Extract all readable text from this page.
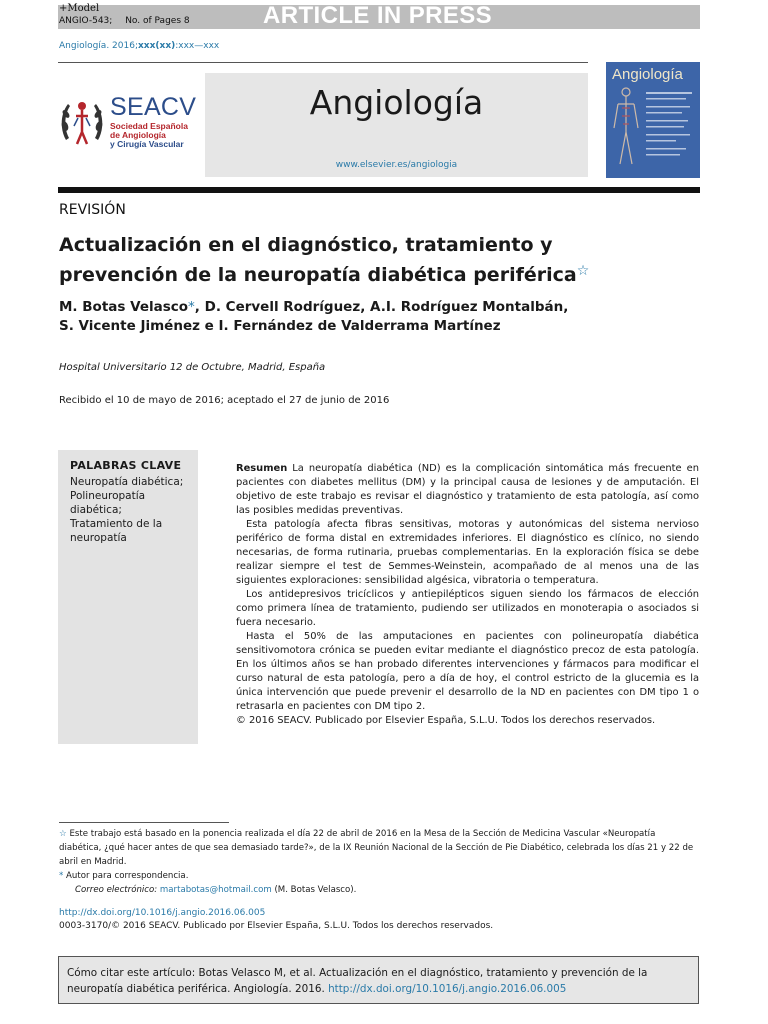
+Model
ANGIO-543; No. of Pages 8	ARTICLE IN PRESS
Angiología. 2016;xxx(xx):xxx—xxx
SEACV
Sociedad Española
de Angiología
y Cirugía Vascular
Angiología
www.elsevier.es/angiologia
Angiología
REVISIÓN
Actualización en el diagnóstico, tratamiento y
prevención de la neuropatía diabética periférica☆
M. Botas Velasco*, D. Cervell Rodríguez, A.I. Rodríguez Montalbán,
S. Vicente Jiménez e I. Fernández de Valderrama Martínez
Hospital Universitario 12 de Octubre, Madrid, España
Recibido el 10 de mayo de 2016; aceptado el 27 de junio de 2016
PALABRAS CLAVE
Neuropatía diabética;
Polineuropatía
diabética;
Tratamiento de la
neuropatía

Resumen La neuropatía diabética (ND) es la complicación sintomática más frecuente en pacientes con diabetes mellitus (DM) y la principal causa de lesiones y de amputación. El objetivo de este trabajo es revisar el diagnóstico y tratamiento de esta patología, así como las posibles medidas preventivas.

Esta patología afecta fibras sensitivas, motoras y autonómicas del sistema nervioso periférico de forma distal en extremidades inferiores. El diagnóstico es clínico, no siendo necesarias, de forma rutinaria, pruebas complementarias. En la exploración física se debe realizar siempre el test de Semmes-Weinstein, acompañado de al menos una de las siguientes exploraciones: sensibilidad algésica, vibratoria o temperatura.

Los antidepresivos tricíclicos y antiepilépticos siguen siendo los fármacos de elección como primera línea de tratamiento, pudiendo ser utilizados en monoterapia o asociados si fuera necesario.

Hasta el 50% de las amputaciones en pacientes con polineuropatía diabética sensitivomotora crónica se pueden evitar mediante el diagnóstico precoz de esta patología. En los últimos años se han probado diferentes intervenciones y fármacos para modificar el curso natural de esta patología, pero a día de hoy, el control estricto de la glucemia es la única intervención que puede prevenir el desarrollo de la ND en pacientes con DM tipo 1 o retrasarla en pacientes con DM tipo 2.

© 2016 SEACV. Publicado por Elsevier España, S.L.U. Todos los derechos reservados.

☆ Este trabajo está basado en la ponencia realizada el día 22 de abril de 2016 en la Mesa de la Sección de Medicina Vascular «Neuropatía diabética, ¿qué hacer antes de que sea demasiado tarde?», de la IX Reunión Nacional de la Sección de Pie Diabético, celebrada los días 21 y 22 de abril en Madrid.
* Autor para correspondencia.
Correo electrónico: martabotas@hotmail.com (M. Botas Velasco).
http://dx.doi.org/10.1016/j.angio.2016.06.005
0003-3170/© 2016 SEACV. Publicado por Elsevier España, S.L.U. Todos los derechos reservados.
Cómo citar este artículo: Botas Velasco M, et al. Actualización en el diagnóstico, tratamiento y prevención de la neuropatía diabética periférica. Angiología. 2016. http://dx.doi.org/10.1016/j.angio.2016.06.005
